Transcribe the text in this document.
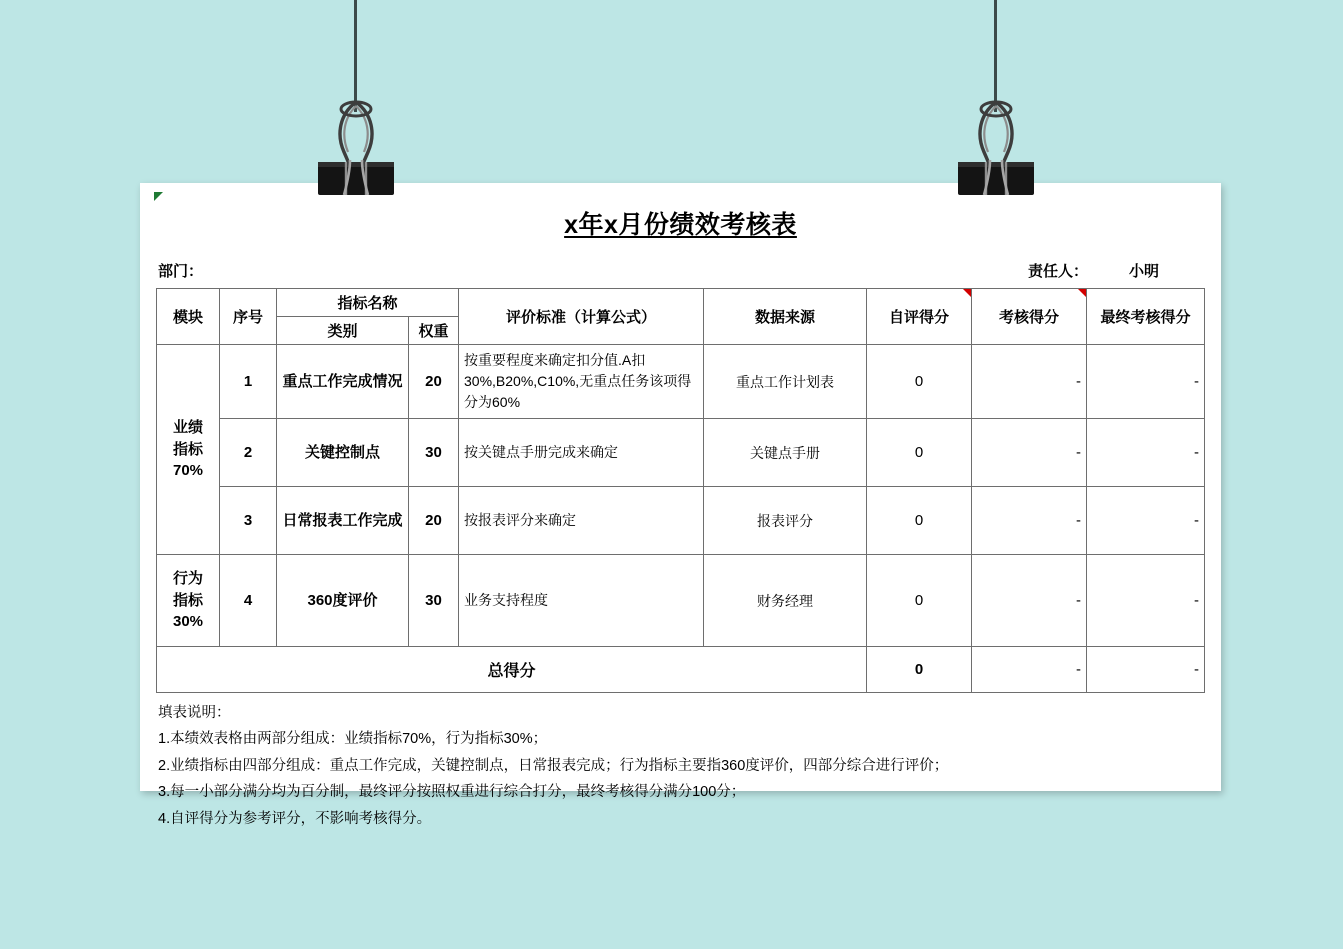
x年x月份绩效考核表
部门：	责任人：	小明
模块	序号	指标名称		评价标准（计算公式）	数据来源	自评得分	考核得分	最终考核得分
		类别	权重					
业绩
指标
70%	1	重点工作完成情况	20	按重要程度来确定扣分值.A扣30%,B20%,C10%,无重点任务该项得分为60%	重点工作计划表	0	-	-
	2	关键控制点	30	按关键点手册完成来确定	关键点手册	0	-	-
	3	日常报表工作完成	20	按报表评分来确定	报表评分	0	-	-
行为
指标
30%	4	360度评价	30	业务支持程度	财务经理	0	-	-
总得分						0	-	-
填表说明：
1.本绩效表格由两部分组成：业绩指标70%，行为指标30%；
2.业绩指标由四部分组成：重点工作完成，关键控制点，日常报表完成；行为指标主要指360度评价，四部分综合进行评价；
3.每一小部分满分均为百分制，最终评分按照权重进行综合打分，最终考核得分满分100分；
4.自评得分为参考评分，不影响考核得分。
